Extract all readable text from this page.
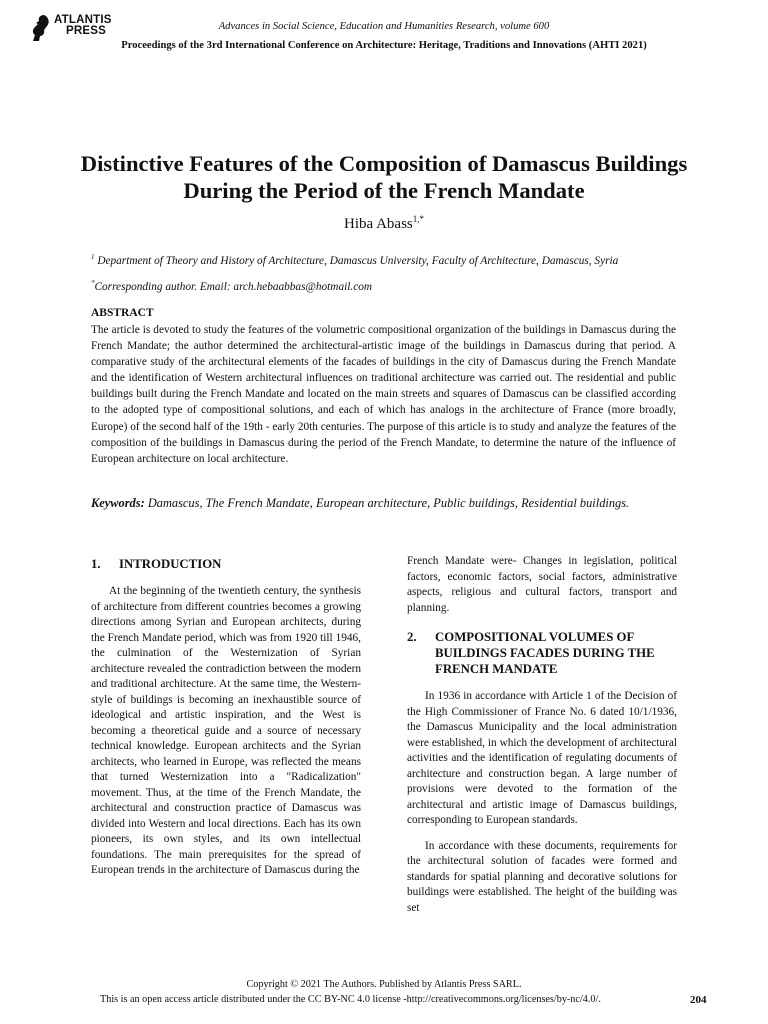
ATLANTIS
PRESS	Advances in Social Science, Education and Humanities Research, volume 600
Proceedings of the 3rd International Conference on Architecture: Heritage, Traditions and Innovations (AHTI 2021)
Distinctive Features of the Composition of Damascus Buildings During the Period of the French Mandate
Hiba Abass$^{1,*}$
$^1$ Department of Theory and History of Architecture, Damascus University, Faculty of Architecture, Damascus, Syria
*Corresponding author. Email: arch.hebaabbas@hotmail.com
ABSTRACT
The article is devoted to study the features of the volumetric compositional organization of the buildings in Damascus during the French Mandate; the author determined the architectural-artistic image of the buildings in Damascus during that period. A comparative study of the architectural elements of the facades of buildings in the city of Damascus during the French Mandate and the identification of Western architectural influences on traditional architecture was carried out. The residential and public buildings built during the French Mandate and located on the main streets and squares of Damascus can be classified according to the adopted type of compositional solutions, and each of which has analogs in the architecture of France (more broadly, Europe) of the second half of the 19th - early 20th centuries. The purpose of this article is to study and analyze the features of the composition of the buildings in Damascus during the period of the French Mandate, to determine the nature of the influence of European architecture on local architecture.
Keywords: Damascus, The French Mandate, European architecture, Public buildings, Residential buildings.
1.	INTRODUCTION

At the beginning of the twentieth century, the synthesis of architecture from different countries becomes a growing directions among Syrian and European architects, during the French Mandate period, which was from 1920 till 1946, the culmination of the Westernization of Syrian architecture revealed the contradiction between the modern and traditional architecture. At the same time, the Western-style of buildings is becoming an inexhaustible source of ideological and artistic inspiration, and the West is becoming a theoretical guide and a source of necessary technical knowledge. European architects and the Syrian architects, who learned in Europe, was reflected the means that turned Westernization into a "Radicalization" movement. Thus, at the time of the French Mandate, the architectural and construction practice of Damascus was divided into Western and local directions. Each has its own pioneers, its own styles, and its own intellectual foundations. The main prerequisites for the spread of European trends in the architecture of Damascus during the

French Mandate were- Changes in legislation, political factors, economic factors, social factors, administrative aspects, religious and cultural factors, transport and planning.

2.	COMPOSITIONAL VOLUMES OF BUILDINGS FACADES DURING THE FRENCH MANDATE

In 1936 in accordance with Article 1 of the Decision of the High Commissioner of France No. 6 dated 10/1/1936, the Damascus Municipality and the local administration were established, in which the development of architectural activities and the identification of regulating documents of architecture and construction began. A large number of provisions were devoted to the formation of the architectural and artistic image of Damascus buildings, corresponding to European standards.

In accordance with these documents, requirements for the architectural solution of facades were formed and standards for spatial planning and decorative solutions for buildings were established. The height of the building was set

Copyright © 2021 The Authors. Published by Atlantis Press SARL.
This is an open access article distributed under the CC BY-NC 4.0 license -http://creativecommons.org/licenses/by-nc/4.0/.	204
